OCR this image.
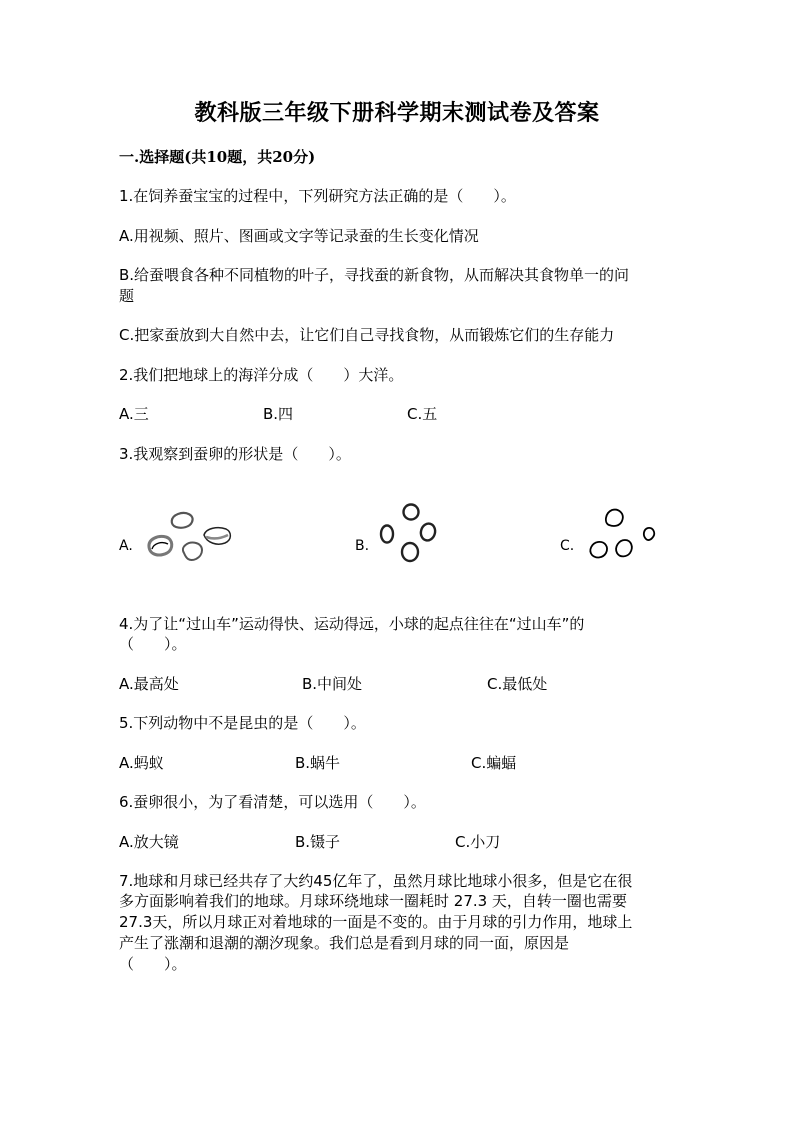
教科版三年级下册科学期末测试卷及答案
一.选择题(共10题，共20分)
1.在饲养蚕宝宝的过程中，下列研究方法正确的是（　　）。
A.用视频、照片、图画或文字等记录蚕的生长变化情况
B.给蚕喂食各种不同植物的叶子，寻找蚕的新食物，从而解决其食物单一的问
题
C.把家蚕放到大自然中去，让它们自己寻找食物，从而锻炼它们的生存能力
2.我们把地球上的海洋分成（　　）大洋。
A.三	B.四	C.五
3.我观察到蚕卵的形状是（　　）。
A.	B.	C.
4.为了让“过山车”运动得快、运动得远，小球的起点往往在“过山车”的
（　　）。
A.最高处	B.中间处	C.最低处
5.下列动物中不是昆虫的是（　　）。
A.蚂蚁	B.蜗牛	C.蝙蝠
6.蚕卵很小，为了看清楚，可以选用（　　）。
A.放大镜	B.镊子	C.小刀
7.地球和月球已经共存了大约45亿年了，虽然月球比地球小很多，但是它在很
多方面影响着我们的地球。月球环绕地球一圈耗时 27.3 天，自转一圈也需要
27.3天，所以月球正对着地球的一面是不变的。由于月球的引力作用，地球上
产生了涨潮和退潮的潮汐现象。我们总是看到月球的同一面，原因是
（　　）。
